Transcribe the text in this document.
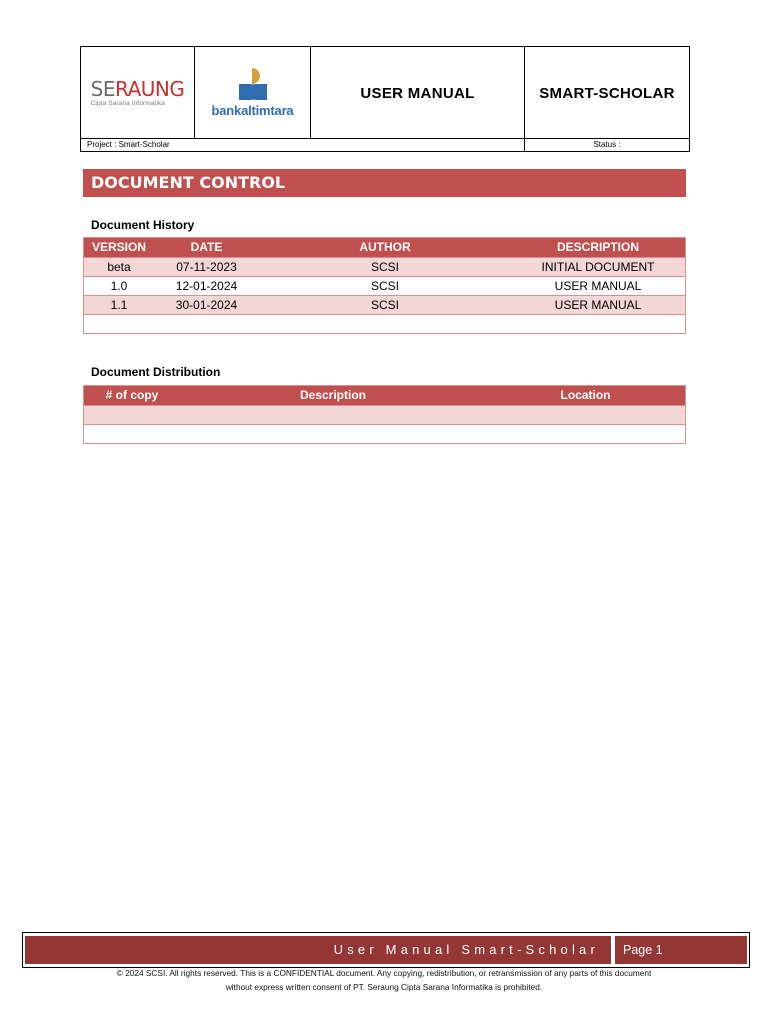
SERAUNG
Cipta Sarana Informatika	bankaltimtara
USER MANUAL	SMART-SCHOLAR
Project : Smart-Scholar	Status :
DOCUMENT CONTROL
Document History
VERSION	DATE	AUTHOR	DESCRIPTION
beta	07-11-2023	SCSI	INITIAL DOCUMENT
1.0	12-01-2024	SCSI	USER MANUAL
1.1	30-01-2024	SCSI	USER MANUAL
Document Distribution
# of copy	Description	Location
User Manual Smart-Scholar	Page 1
© 2024 SCSI. All rights reserved. This is a CONFIDENTIAL document. Any copying, redistribution, or retransmission of any parts of this document
without express written consent of PT. Seraung Cipta Sarana Informatika is prohibited.
